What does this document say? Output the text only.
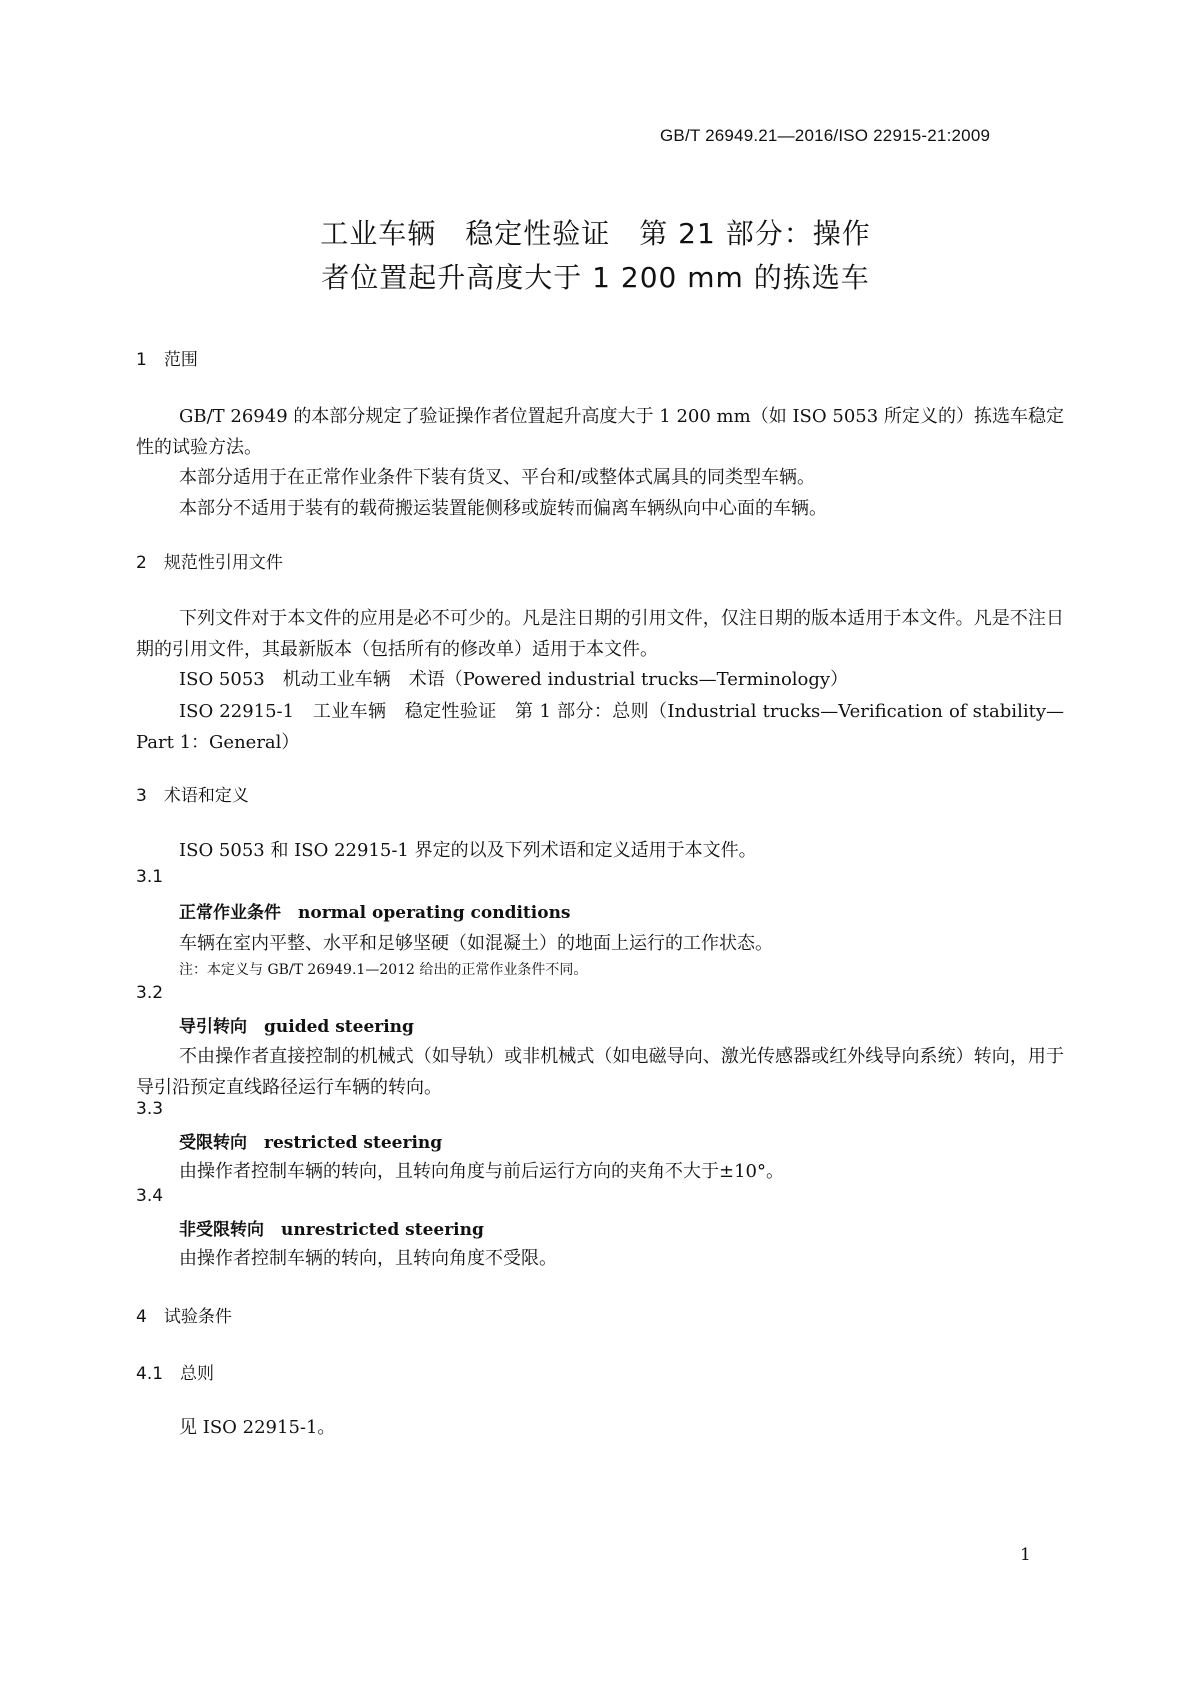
GB/T 26949.21—2016/ISO 22915-21:2009
工业车辆　稳定性验证　第 21 部分：操作
者位置起升高度大于 1 200 mm 的拣选车
1　范围
GB/T 26949 的本部分规定了验证操作者位置起升高度大于 1 200 mm（如 ISO 5053 所定义的）拣选车稳定性的试验方法。
本部分适用于在正常作业条件下装有货叉、平台和/或整体式属具的同类型车辆。
本部分不适用于装有的载荷搬运装置能侧移或旋转而偏离车辆纵向中心面的车辆。
2　规范性引用文件
下列文件对于本文件的应用是必不可少的。凡是注日期的引用文件，仅注日期的版本适用于本文件。凡是不注日期的引用文件，其最新版本（包括所有的修改单）适用于本文件。
ISO 5053　机动工业车辆　术语（Powered industrial trucks—Terminology）
ISO 22915-1　工业车辆　稳定性验证　第 1 部分：总则（Industrial trucks—Verification of stability—Part 1：General）
3　术语和定义
ISO 5053 和 ISO 22915-1 界定的以及下列术语和定义适用于本文件。
3.1
正常作业条件　 normal operating conditions
车辆在室内平整、水平和足够坚硬（如混凝土）的地面上运行的工作状态。
注：本定义与 GB/T 26949.1—2012 给出的正常作业条件不同。
3.2
导引转向　 guided steering
不由操作者直接控制的机械式（如导轨）或非机械式（如电磁导向、激光传感器或红外线导向系统）转向，用于导引沿预定直线路径运行车辆的转向。
3.3
受限转向　 restricted steering
由操作者控制车辆的转向，且转向角度与前后运行方向的夹角不大于±10°。
3.4
非受限转向　 unrestricted steering
由操作者控制车辆的转向，且转向角度不受限。
4　试验条件
4.1　总则
见 ISO 22915-1。
1
